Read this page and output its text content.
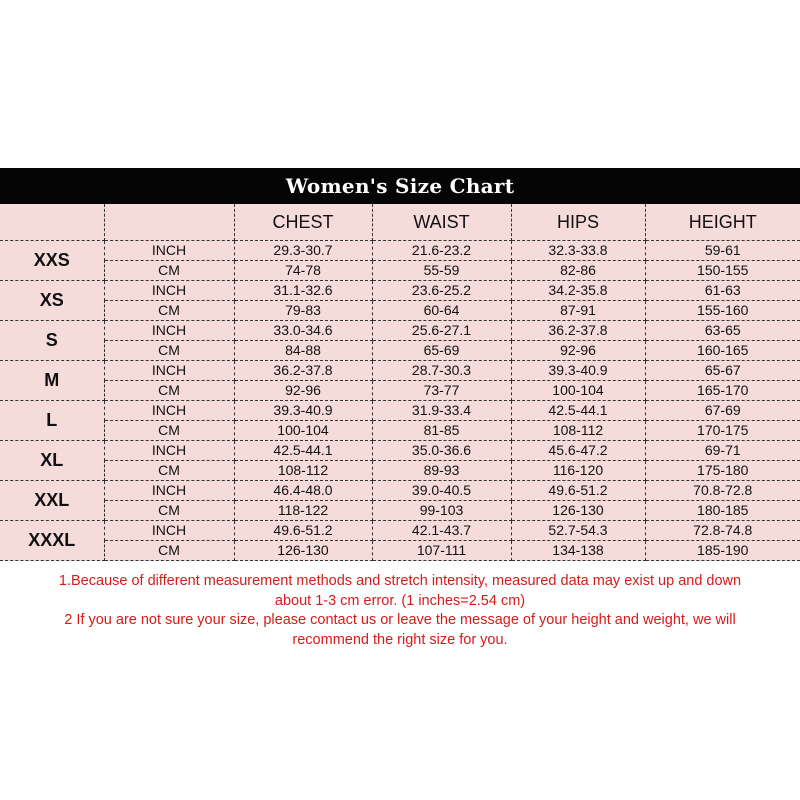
Women's Size Chart
		CHEST	WAIST	HIPS	HEIGHT
XXS	INCH	29.3-30.7	21.6-23.2	32.3-33.8	59-61
	CM	74-78	55-59	82-86	150-155
XS	INCH	31.1-32.6	23.6-25.2	34.2-35.8	61-63
	CM	79-83	60-64	87-91	155-160
S	INCH	33.0-34.6	25.6-27.1	36.2-37.8	63-65
	CM	84-88	65-69	92-96	160-165
M	INCH	36.2-37.8	28.7-30.3	39.3-40.9	65-67
	CM	92-96	73-77	100-104	165-170
L	INCH	39.3-40.9	31.9-33.4	42.5-44.1	67-69
	CM	100-104	81-85	108-112	170-175
XL	INCH	42.5-44.1	35.0-36.6	45.6-47.2	69-71
	CM	108-112	89-93	116-120	175-180
XXL	INCH	46.4-48.0	39.0-40.5	49.6-51.2	70.8-72.8
	CM	118-122	99-103	126-130	180-185
XXXL	INCH	49.6-51.2	42.1-43.7	52.7-54.3	72.8-74.8
	CM	126-130	107-111	134-138	185-190
1.Because of different measurement methods and stretch intensity, measured data may exist up and down
about 1-3 cm error. (1 inches=2.54 cm)
2 If you are not sure your size, please contact us or leave the message of your height and weight, we will
recommend the right size for you.
